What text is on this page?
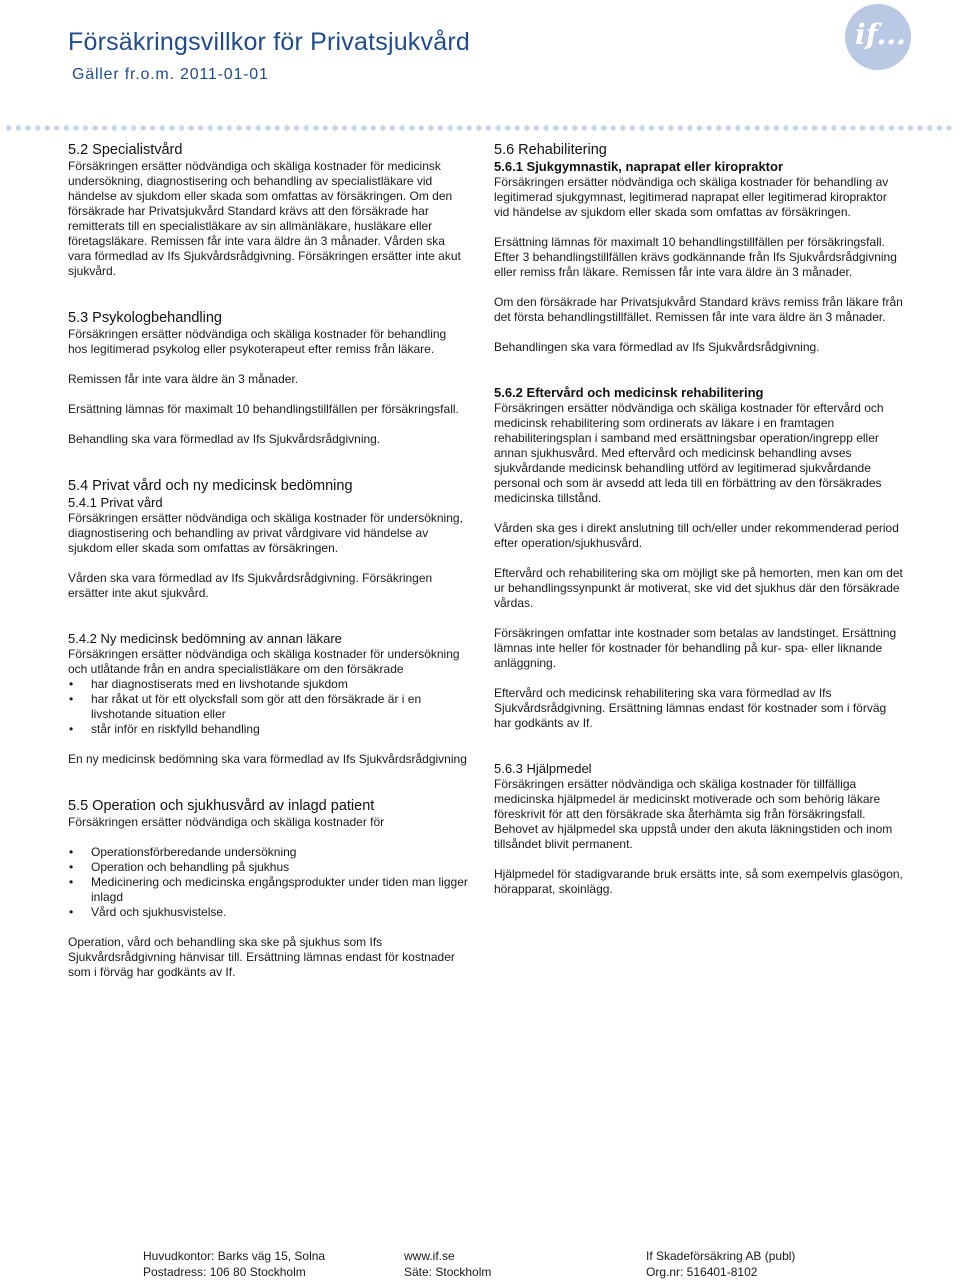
Försäkringsvillkor för Privatsjukvård
Gäller fr.o.m. 2011-01-01
if...
5.2 Specialistvård

Försäkringen ersätter nödvändiga och skäliga kostnader för medicinsk undersökning, diagnostisering och behandling av specialistläkare vid händelse av sjukdom eller skada som omfattas av försäkringen. Om den försäkrade har Privatsjukvård Standard krävs att den försäkrade har remitterats till en specialistläkare av sin allmänläkare, husläkare eller företagsläkare. Remissen får inte vara äldre än 3 månader. Vården ska vara förmedlad av Ifs Sjukvårdsrådgivning. Försäkringen ersätter inte akut sjukvård.

5.3 Psykologbehandling

Försäkringen ersätter nödvändiga och skäliga kostnader för behandling hos legitimerad psykolog eller psykoterapeut efter remiss från läkare.

Remissen får inte vara äldre än 3 månader.

Ersättning lämnas för maximalt 10 behandlingstillfällen per försäkringsfall.

Behandling ska vara förmedlad av Ifs Sjukvårdsrådgivning.

5.4 Privat vård och ny medicinsk bedömning
5.4.1 Privat vård

Försäkringen ersätter nödvändiga och skäliga kostnader för undersökning, diagnostisering och behandling av privat vårdgivare vid händelse av sjukdom eller skada som omfattas av försäkringen.

Vården ska vara förmedlad av Ifs Sjukvårdsrådgivning. Försäkringen ersätter inte akut sjukvård.

5.4.2 Ny medicinsk bedömning av annan läkare

Försäkringen ersätter nödvändiga och skäliga kostnader för undersökning och utlåtande från en andra specialistläkare om den försäkrade

• har diagnostiserats med en livshotande sjukdom
• har råkat ut för ett olycksfall som gör att den försäkrade är i en livshotande situation eller
• står inför en riskfylld behandling

En ny medicinsk bedömning ska vara förmedlad av Ifs Sjukvårdsrådgivning

5.5 Operation och sjukhusvård av inlagd patient

Försäkringen ersätter nödvändiga och skäliga kostnader för

• Operationsförberedande undersökning
• Operation och behandling på sjukhus
• Medicinering och medicinska engångsprodukter under tiden man ligger inlagd
• Vård och sjukhusvistelse.

Operation, vård och behandling ska ske på sjukhus som Ifs Sjukvårdsrådgivning hänvisar till. Ersättning lämnas endast för kostnader som i förväg har godkänts av If.

5.6 Rehabilitering
5.6.1 Sjukgymnastik, naprapat eller kiropraktor

Försäkringen ersätter nödvändiga och skäliga kostnader för behandling av legitimerad sjukgymnast, legitimerad naprapat eller legitimerad kiropraktor vid händelse av sjukdom eller skada som omfattas av försäkringen.

Ersättning lämnas för maximalt 10 behandlingstillfällen per försäkringsfall. Efter 3 behandlingstillfällen krävs godkännande från Ifs Sjukvårdsrådgivning eller remiss från läkare. Remissen får inte vara äldre än 3 månader.

Om den försäkrade har Privatsjukvård Standard krävs remiss från läkare från det första behandlingstillfället. Remissen får inte vara äldre än 3 månader.

Behandlingen ska vara förmedlad av Ifs Sjukvårdsrådgivning.

5.6.2 Eftervård och medicinsk rehabilitering

Försäkringen ersätter nödvändiga och skäliga kostnader för eftervård och medicinsk rehabilitering som ordinerats av läkare i en framtagen rehabiliteringsplan i samband med ersättningsbar operation/ingrepp eller annan sjukhusvård. Med eftervård och medicinsk behandling avses sjukvårdande medicinsk behandling utförd av legitimerad sjukvårdande personal och som är avsedd att leda till en förbättring av den försäkrades medicinska tillstånd.

Vården ska ges i direkt anslutning till och/eller under rekommenderad period efter operation/sjukhusvård.

Eftervård och rehabilitering ska om möjligt ske på hemorten, men kan om det ur behandlingssynpunkt är motiverat, ske vid det sjukhus där den försäkrade vårdas.

Försäkringen omfattar inte kostnader som betalas av landstinget. Ersättning lämnas inte heller för kostnader för behandling på kur- spa- eller liknande anläggning.

Eftervård och medicinsk rehabilitering ska vara förmedlad av Ifs Sjukvårdsrådgivning. Ersättning lämnas endast för kostnader som i förväg har godkänts av If.

5.6.3 Hjälpmedel

Försäkringen ersätter nödvändiga och skäliga kostnader för tillfälliga medicinska hjälpmedel är medicinskt motiverade och som behörig läkare föreskrivit för att den försäkrade ska återhämta sig från försäkringsfall. Behovet av hjälpmedel ska uppstå under den akuta läkningstiden och inom tillsåndet blivit permanent.

Hjälpmedel för stadigvarande bruk ersätts inte, så som exempelvis glasögon, hörapparat, skoinlägg.

Huvudkontor: Barks väg 15, Solna
Postadress: 106 80 Stockholm
www.if.se
Säte: Stockholm
If Skadeförsäkring AB (publ)
Org.nr: 516401-8102
